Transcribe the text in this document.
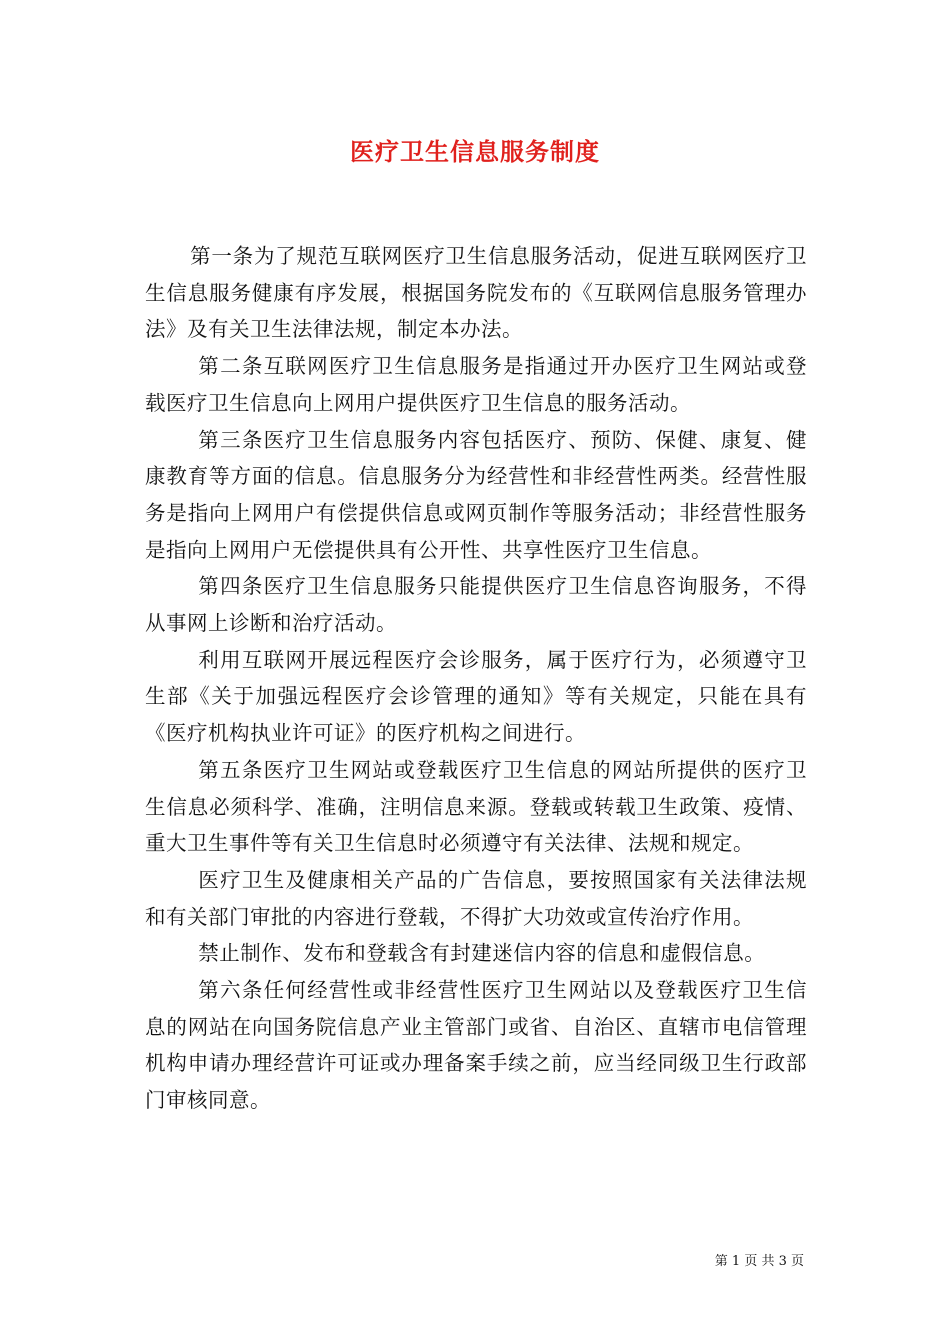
医疗卫生信息服务制度

第一条为了规范互联网医疗卫生信息服务活动，促进互联网医疗卫生信息服务健康有序发展，根据国务院发布的《互联网信息服务管理办法》及有关卫生法律法规，制定本办法。

第二条互联网医疗卫生信息服务是指通过开办医疗卫生网站或登载医疗卫生信息向上网用户提供医疗卫生信息的服务活动。

第三条医疗卫生信息服务内容包括医疗、预防、保健、康复、健康教育等方面的信息。信息服务分为经营性和非经营性两类。经营性服务是指向上网用户有偿提供信息或网页制作等服务活动；非经营性服务是指向上网用户无偿提供具有公开性、共享性医疗卫生信息。

第四条医疗卫生信息服务只能提供医疗卫生信息咨询服务，不得从事网上诊断和治疗活动。

利用互联网开展远程医疗会诊服务，属于医疗行为，必须遵守卫生部《关于加强远程医疗会诊管理的通知》等有关规定，只能在具有《医疗机构执业许可证》的医疗机构之间进行。

第五条医疗卫生网站或登载医疗卫生信息的网站所提供的医疗卫生信息必须科学、准确，注明信息来源。登载或转载卫生政策、疫情、重大卫生事件等有关卫生信息时必须遵守有关法律、法规和规定。

医疗卫生及健康相关产品的广告信息，要按照国家有关法律法规和有关部门审批的内容进行登载，不得扩大功效或宣传治疗作用。

禁止制作、发布和登载含有封建迷信内容的信息和虚假信息。

第六条任何经营性或非经营性医疗卫生网站以及登载医疗卫生信息的网站在向国务院信息产业主管部门或省、自治区、直辖市电信管理机构申请办理经营许可证或办理备案手续之前，应当经同级卫生行政部门审核同意。

第 1 页 共 3 页
